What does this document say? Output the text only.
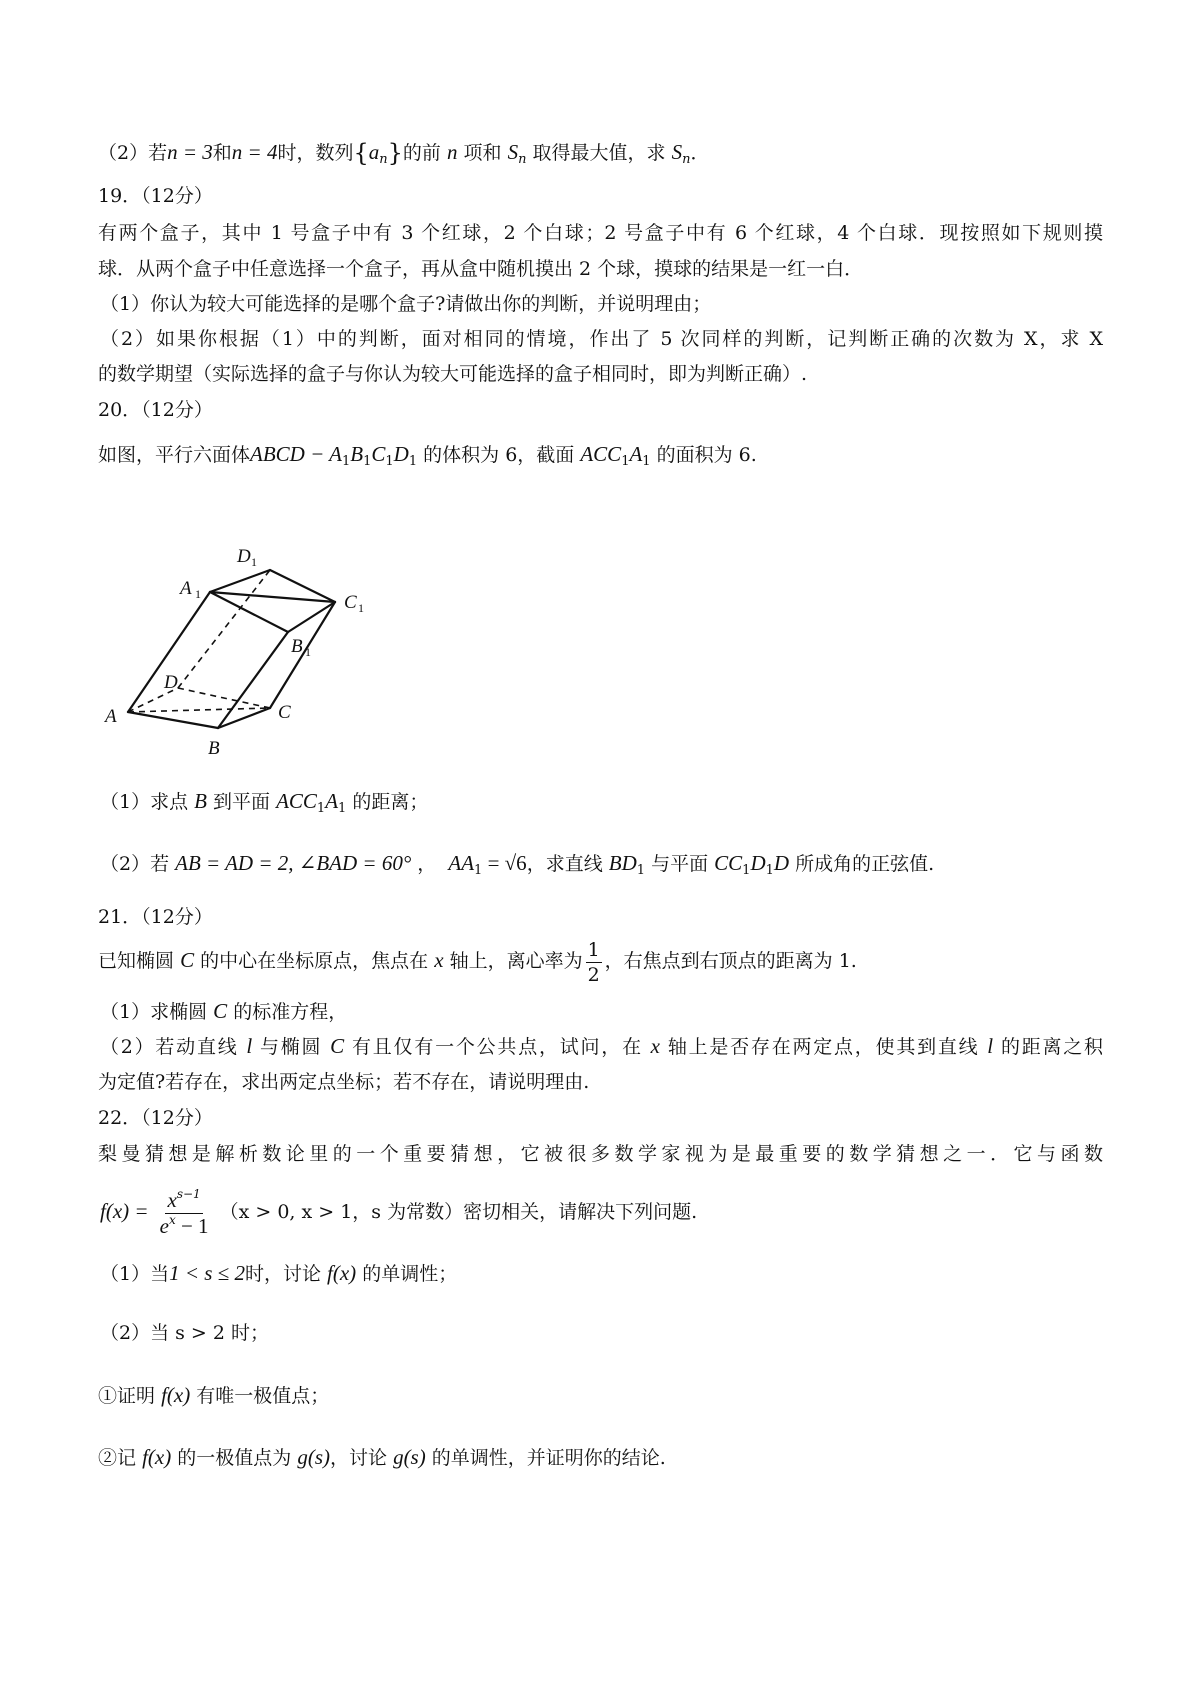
（2）若n = 3和n = 4时，数列$\{a_n\}$的前 n 项和 $S_n$ 取得最大值，求 $S_n$．
19．（12分）
有两个盒子，其中 1 号盒子中有 3 个红球，2 个白球；2 号盒子中有 6 个红球，4 个白球．现按照如下规则摸
球．从两个盒子中任意选择一个盒子，再从盒中随机摸出 2 个球，摸球的结果是一红一白．
（1）你认为较大可能选择的是哪个盒子?请做出你的判断，并说明理由；
（2）如果你根据（1）中的判断，面对相同的情境，作出了 5 次同样的判断，记判断正确的次数为 X，求 X
的数学期望（实际选择的盒子与你认为较大可能选择的盒子相同时，即为判断正确）.
20．（12分）
如图，平行六面体ABCD − $A_1B_1C_1D_1$ 的体积为 6，截面 $ACC_1A_1$ 的面积为 6.
A 1
D 1
C 1
B 1
D
A	C
B
（1）求点 B 到平面 $ACC_1A_1$ 的距离；
（2）若 AB = AD = 2, ∠BAD = 60° ，  $AA_1 = √6$，求直线 $BD_1$ 与平面 $CC_1D_1D$ 所成角的正弦值.
21．（12分）
已知椭圆 C 的中心在坐标原点，焦点在 x 轴上，离心率为 $\frac{1}{2}$ ，右焦点到右顶点的距离为 1.
（1）求椭圆 C 的标准方程，
（2）若动直线 l 与椭圆 C 有且仅有一个公共点，试问，在 x 轴上是否存在两定点，使其到直线 l 的距离之积
为定值?若存在，求出两定点坐标；若不存在，请说明理由.
22．（12分）
梨曼猜想是解析数论里的一个重要猜想，它被很多数学家视为是最重要的数学猜想之一．它与函数
$f(x) = \frac{x^{s-1}}{e^x - 1} (x > 0$, x > 1，s 为常数）密切相关，请解决下列问题.
（1）当1 < s ≤ 2时，讨论 f(x) 的单调性；
（2）当 s > 2 时；
①证明 f(x) 有唯一极值点；
②记 f(x) 的一极值点为 g(s)，讨论 g(s) 的单调性，并证明你的结论.
